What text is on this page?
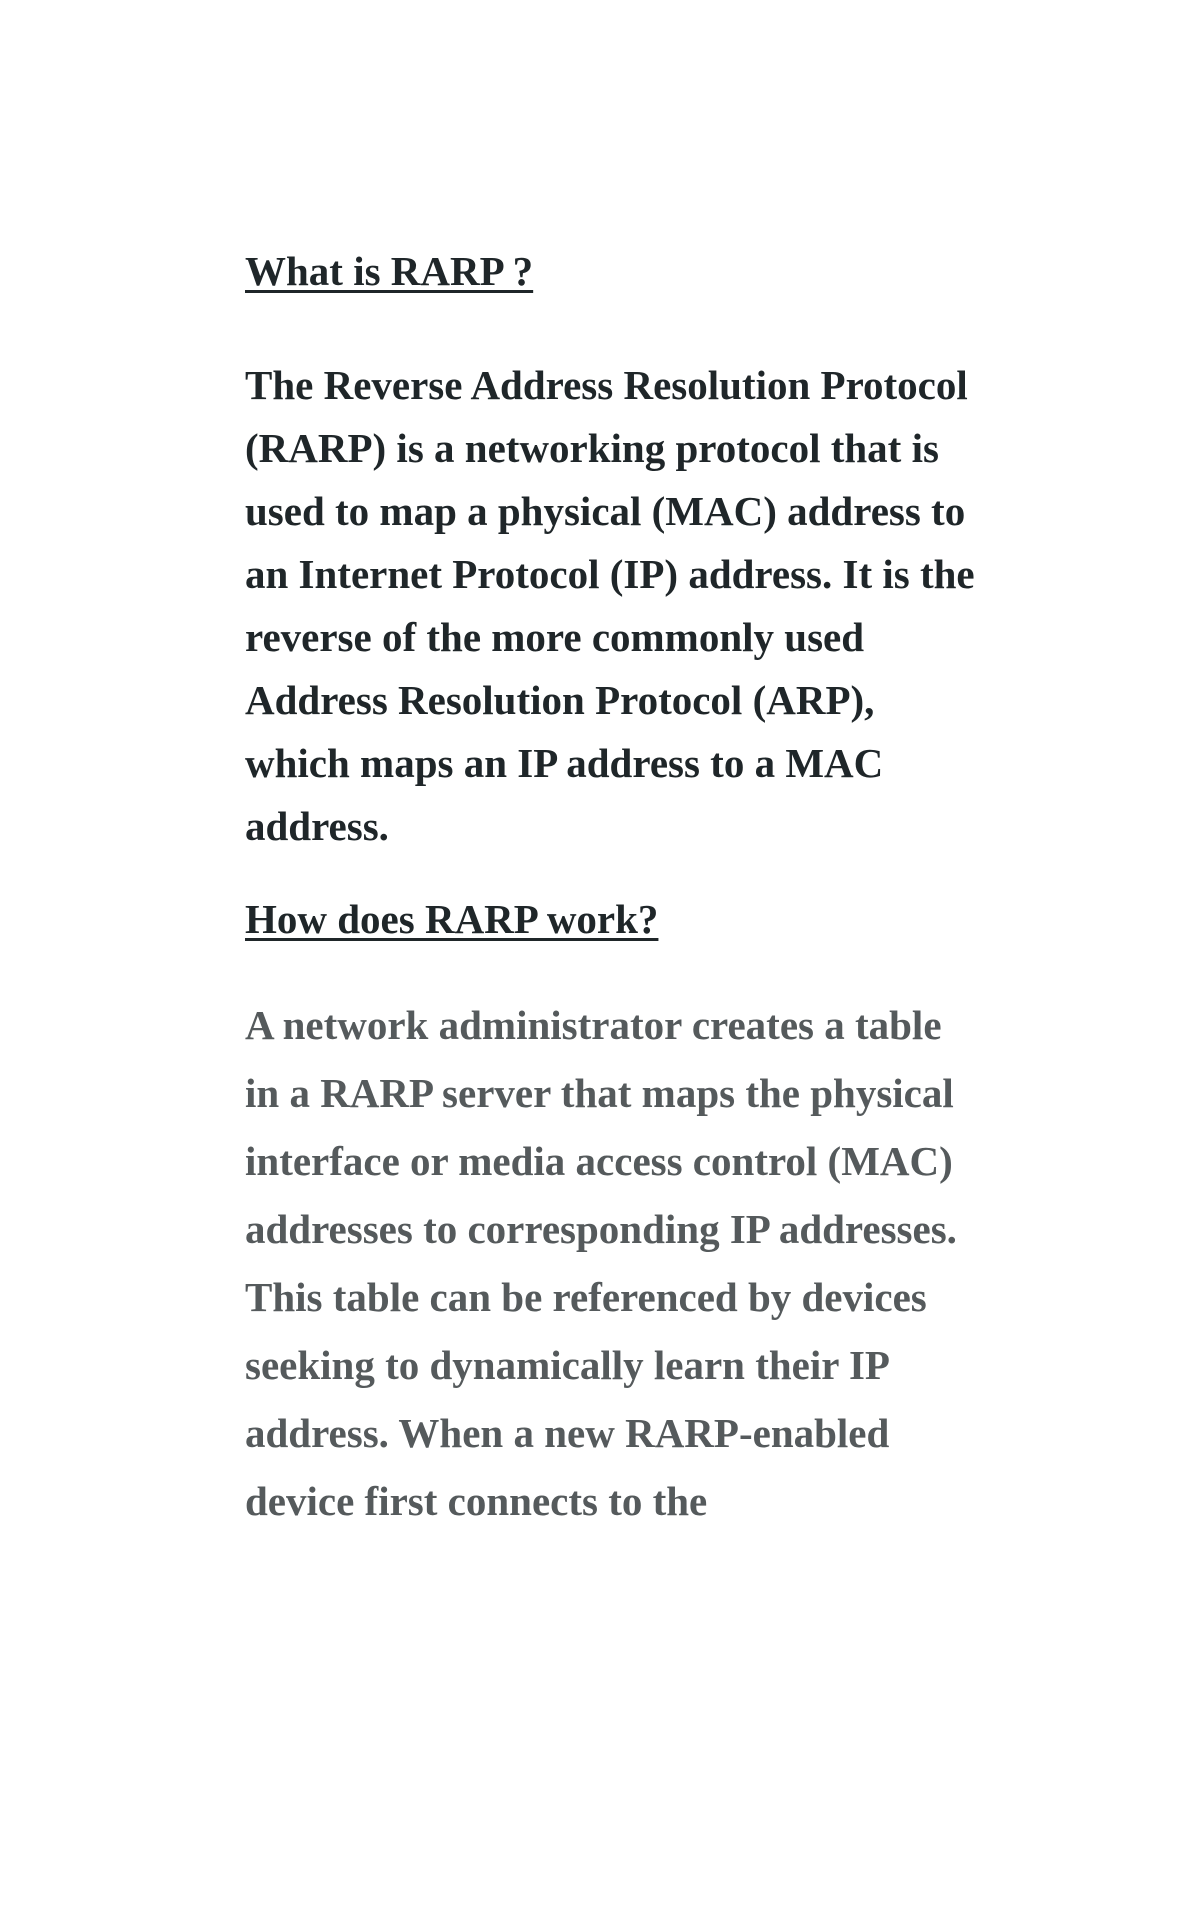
What is RARP ?

The Reverse Address Resolution Protocol (RARP) is a networking protocol that is used to map a physical (MAC) address to an Internet Protocol (IP) address. It is the reverse of the more commonly used Address Resolution Protocol (ARP), which maps an IP address to a MAC address.

How does RARP work?

A network administrator creates a table in a RARP server that maps the physical interface or media access control (MAC) addresses to corresponding IP addresses. This table can be referenced by devices seeking to dynamically learn their IP address. When a new RARP-enabled device first connects to the
